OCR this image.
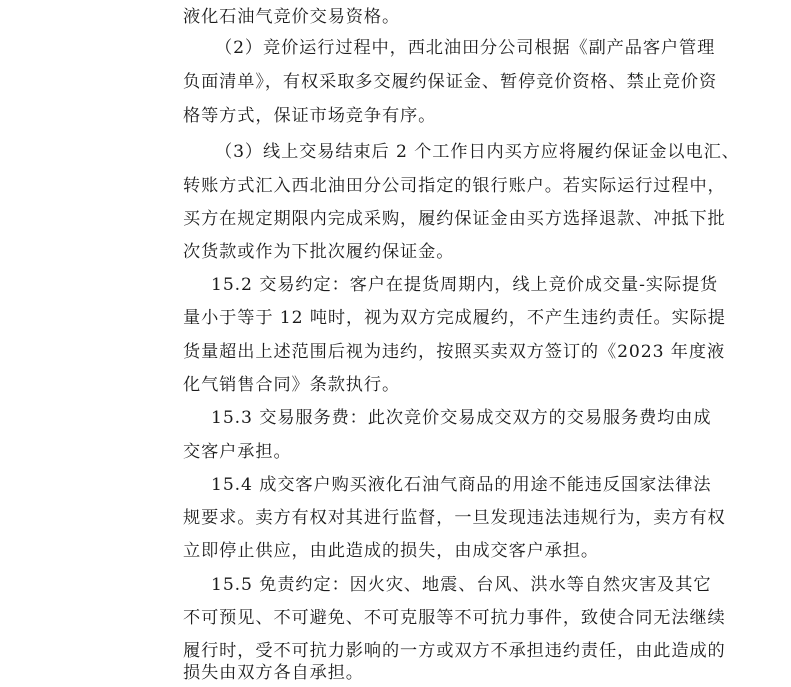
液化石油气竞价交易资格。
（2）竞价运行过程中，西北油田分公司根据《副产品客户管理
负面清单》，有权采取多交履约保证金、暂停竞价资格、禁止竞价资
格等方式，保证市场竞争有序。
（3）线上交易结束后 2 个工作日内买方应将履约保证金以电汇、
转账方式汇入西北油田分公司指定的银行账户。若实际运行过程中，
买方在规定期限内完成采购，履约保证金由买方选择退款、冲抵下批
次货款或作为下批次履约保证金。
15.2 交易约定：客户在提货周期内，线上竞价成交量-实际提货
量小于等于 12 吨时，视为双方完成履约，不产生违约责任。实际提
货量超出上述范围后视为违约，按照买卖双方签订的《2023 年度液
化气销售合同》条款执行。
15.3 交易服务费：此次竞价交易成交双方的交易服务费均由成
交客户承担。
15.4 成交客户购买液化石油气商品的用途不能违反国家法律法
规要求。卖方有权对其进行监督，一旦发现违法违规行为，卖方有权
立即停止供应，由此造成的损失，由成交客户承担。
15.5 免责约定：因火灾、地震、台风、洪水等自然灾害及其它
不可预见、不可避免、不可克服等不可抗力事件，致使合同无法继续
履行时，受不可抗力影响的一方或双方不承担违约责任，由此造成的
损失由双方各自承担。
